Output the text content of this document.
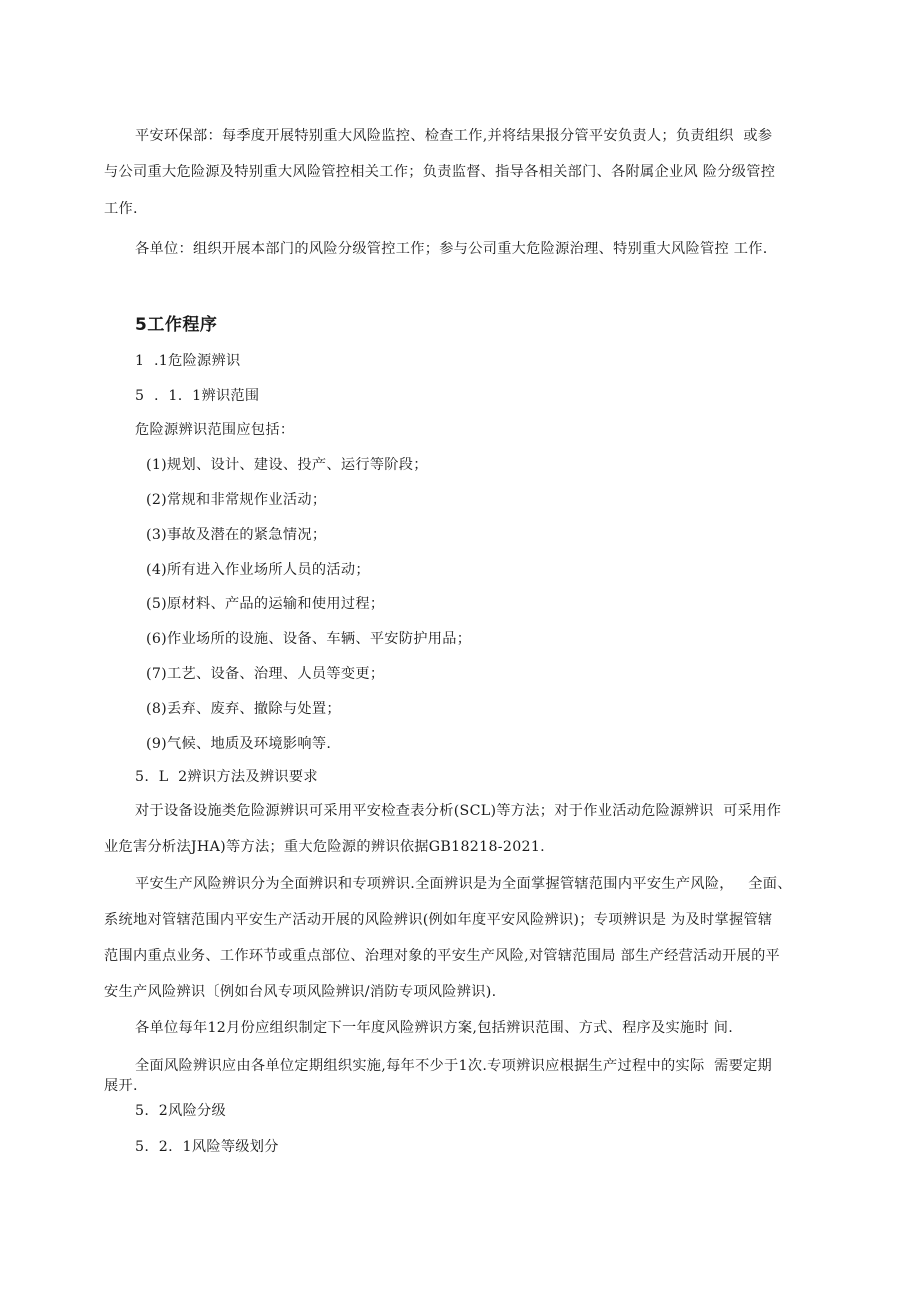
平安环保部：每季度开展特别重大风险监控、检查工作,并将结果报分管平安负责人；负责组织  或参
与公司重大危险源及特别重大风险管控相关工作；负责监督、指导各相关部门、各附属企业风 险分级管控
工作.
各单位：组织开展本部门的风险分级管控工作；参与公司重大危险源治理、特别重大风险管控 工作.
5工作程序
1  .1危险源辨识
5  .  1.  1辨识范围
危险源辨识范围应包括：
(1)规划、设计、建设、投产、运行等阶段；
(2)常规和非常规作业活动；
(3)事故及潜在的紧急情况；
(4)所有进入作业场所人员的活动；
(5)原材料、产品的运输和使用过程；
(6)作业场所的设施、设备、车辆、平安防护用品；
(7)工艺、设备、治理、人员等变更；
(8)丢弃、废弃、撤除与处置；
(9)气候、地质及环境影响等.
5.  L  2辨识方法及辨识要求
对于设备设施类危险源辨识可采用平安检查表分析(SCL)等方法；对于作业活动危险源辨识  可采用作
业危害分析法JHA)等方法；重大危险源的辨识依据GB18218-2021.
平安生产风险辨识分为全面辨识和专项辨识.全面辨识是为全面掌握管辖范围内平安生产风险，   全面、
系统地对管辖范围内平安生产活动开展的风险辨识(例如年度平安风险辨识)；专项辨识是 为及时掌握管辖
范围内重点业务、工作环节或重点部位、治理对象的平安生产风险,对管辖范围局 部生产经营活动开展的平
安生产风险辨识〔例如台风专项风险辨识/消防专项风险辨识).
各单位每年12月份应组织制定下一年度风险辨识方案,包括辨识范围、方式、程序及实施时 间.
全面风险辨识应由各单位定期组织实施,每年不少于1次.专项辨识应根据生产过程中的实际  需要定期
展开.
5.  2风险分级
5.  2.  1风险等级划分
